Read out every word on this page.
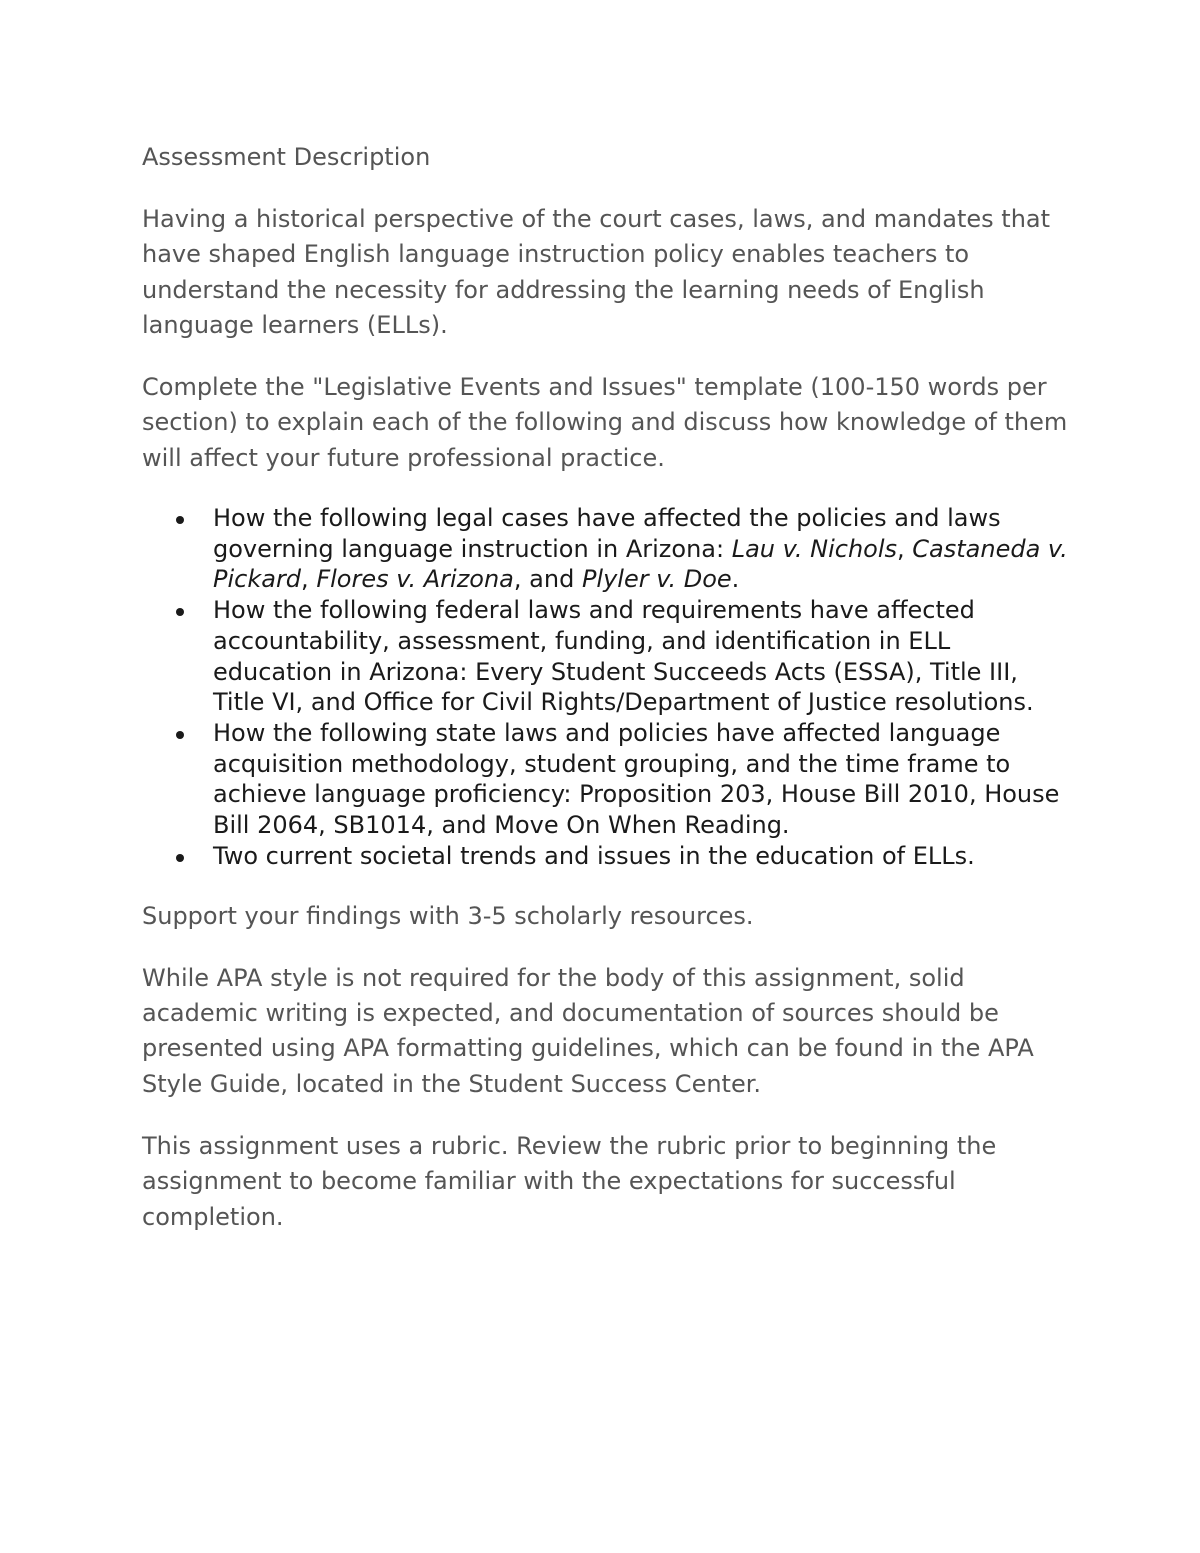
Assessment Description

Having a historical perspective of the court cases, laws, and mandates that have shaped English language instruction policy enables teachers to understand the necessity for addressing the learning needs of English language learners (ELLs).

Complete the "Legislative Events and Issues" template (100-150 words per section) to explain each of the following and discuss how knowledge of them will affect your future professional practice.

How the following legal cases have affected the policies and laws governing language instruction in Arizona: Lau v. Nichols, Castaneda v. Pickard, Flores v. Arizona, and Plyler v. Doe.
How the following federal laws and requirements have affected accountability, assessment, funding, and identification in ELL education in Arizona: Every Student Succeeds Acts (ESSA), Title III, Title VI, and Office for Civil Rights/Department of Justice resolutions.
How the following state laws and policies have affected language acquisition methodology, student grouping, and the time frame to achieve language proficiency: Proposition 203, House Bill 2010, House Bill 2064, SB1014, and Move On When Reading.
Two current societal trends and issues in the education of ELLs.

Support your findings with 3-5 scholarly resources.

While APA style is not required for the body of this assignment, solid academic writing is expected, and documentation of sources should be presented using APA formatting guidelines, which can be found in the APA Style Guide, located in the Student Success Center.

This assignment uses a rubric. Review the rubric prior to beginning the assignment to become familiar with the expectations for successful completion.
